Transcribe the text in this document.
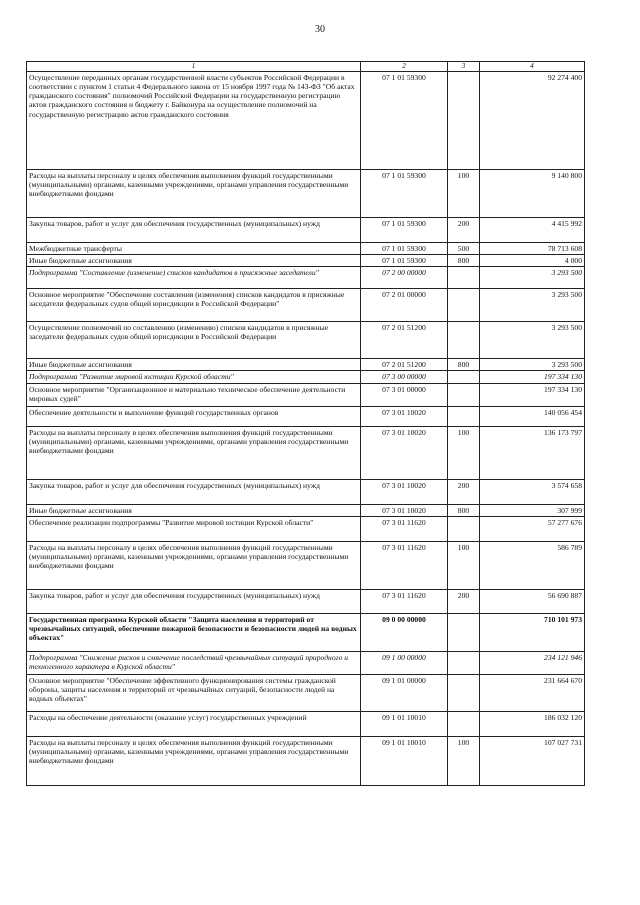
30
1	2	3	4
Осуществление переданных органам государственной власти субъектов Российской Федерации в соответствии с пунктом 1 статьи 4 Федерального закона от 15 ноября 1997 года № 143-ФЗ "Об актах гражданского состояния" полномочий Российской Федерации на государственную регистрацию актов гражданского состояния и бюджету г. Байконура на осуществление полномочий на государственную регистрацию актов гражданского состояния	07 1 01 59300		92 274 400
Расходы на выплаты персоналу в целях обеспечения выполнения функций государственными (муниципальными) органами, казенными учреждениями, органами управления государственными внебюджетными фондами	07 1 01 59300	100	9 140 800
Закупка товаров, работ и услуг для обеспечения государственных (муниципальных) нужд	07 1 01 59300	200	4 415 992
Межбюджетные трансферты	07 1 01 59300	500	78 713 608
Иные бюджетные ассигнования	07 1 01 59300	800	4 000
Подпрограмма "Составление (изменение) списков кандидатов в присяжные заседатели"	07 2 00 00000		3 293 500
Основное мероприятие "Обеспечение составления (изменения) списков кандидатов в присяжные заседатели федеральных судов общей юрисдикции в Российской Федерации"	07 2 01 00000		3 293 500
Осуществление полномочий по составлению (изменению) списков кандидатов в присяжные заседатели федеральных судов общей юрисдикции в Российской Федерации	07 2 01 51200		3 293 500
Иные бюджетные ассигнования	07 2 01 51200	800	3 293 500
Подпрограмма "Развитие мировой юстиции Курской области"	07 3 00 00000		197 334 130
Основное мероприятие "Организационное и материально техническое обеспечение деятельности мировых судей"	07 3 01 00000		197 334 130
Обеспечение деятельности и выполнение функций государственных органов	07 3 01 10020		140 056 454
Расходы на выплаты персоналу в целях обеспечения выполнения функций государственными (муниципальными) органами, казенными учреждениями, органами управления государственными внебюджетными фондами	07 3 01 10020	100	136 173 797
Закупка товаров, работ и услуг для обеспечения государственных (муниципальных) нужд	07 3 01 10020	200	3 574 658
Иные бюджетные ассигнования	07 3 01 10020	800	307 999
Обеспечение реализации подпрограммы "Развитие мировой юстиции Курской области"	07 3 01 11620		57 277 676
Расходы на выплаты персоналу в целях обеспечения выполнения функций государственными (муниципальными) органами, казенными учреждениями, органами управления государственными внебюджетными фондами	07 3 01 11620	100	586 789
Закупка товаров, работ и услуг для обеспечения государственных (муниципальных) нужд	07 3 01 11620	200	56 690 887
Государственная программа Курской области "Защита населения и территорий от чрезвычайных ситуаций, обеспечение пожарной безопасности и безопасности людей на водных объектах"	09 0 00 00000		710 101 973
Подпрограмма "Снижение рисков и смягчение последствий чрезвычайных ситуаций природного и техногенного характера в Курской области"	09 1 00 00000		234 121 946
Основное мероприятие "Обеспечение эффективного функционирования системы гражданской обороны, защиты населения и территорий от чрезвычайных ситуаций, безопасности людей на водных объектах"	09 1 01 00000		231 664 670
Расходы на обеспечение деятельности (оказание услуг) государственных учреждений	09 1 01 10010		186 032 120
Расходы на выплаты персоналу в целях обеспечения выполнения функций государственными (муниципальными) органами, казенными учреждениями, органами управления государственными внебюджетными фондами	09 1 01 10010	100	107 027 731
